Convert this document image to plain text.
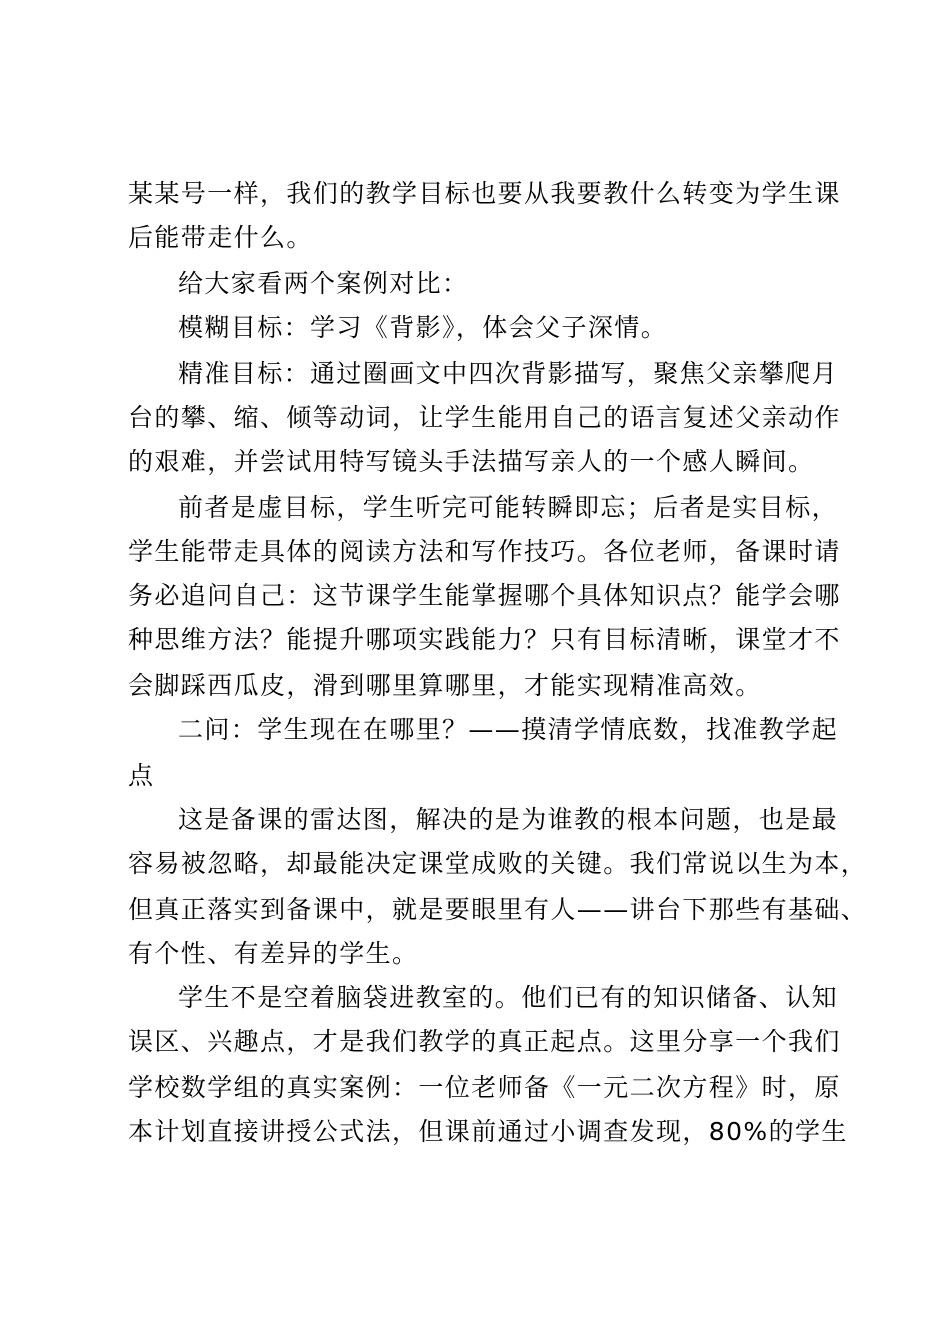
某某号一样，我们的教学目标也要从我要教什么转变为学生课
后能带走什么。
给大家看两个案例对比：
模糊目标：学习《背影》，体会父子深情。
精准目标：通过圈画文中四次背影描写，聚焦父亲攀爬月
台的攀、缩、倾等动词，让学生能用自己的语言复述父亲动作
的艰难，并尝试用特写镜头手法描写亲人的一个感人瞬间。
前者是虚目标，学生听完可能转瞬即忘；后者是实目标，
学生能带走具体的阅读方法和写作技巧。各位老师，备课时请
务必追问自己：这节课学生能掌握哪个具体知识点？能学会哪
种思维方法？能提升哪项实践能力？只有目标清晰，课堂才不
会脚踩西瓜皮，滑到哪里算哪里，才能实现精准高效。
二问：学生现在在哪里？——摸清学情底数，找准教学起
点
这是备课的雷达图，解决的是为谁教的根本问题，也是最
容易被忽略，却最能决定课堂成败的关键。我们常说以生为本，
但真正落实到备课中，就是要眼里有人——讲台下那些有基础、
有个性、有差异的学生。
学生不是空着脑袋进教室的。他们已有的知识储备、认知
误区、兴趣点，才是我们教学的真正起点。这里分享一个我们
学校数学组的真实案例：一位老师备《一元二次方程》时，原
本计划直接讲授公式法，但课前通过小调查发现，80%的学生
